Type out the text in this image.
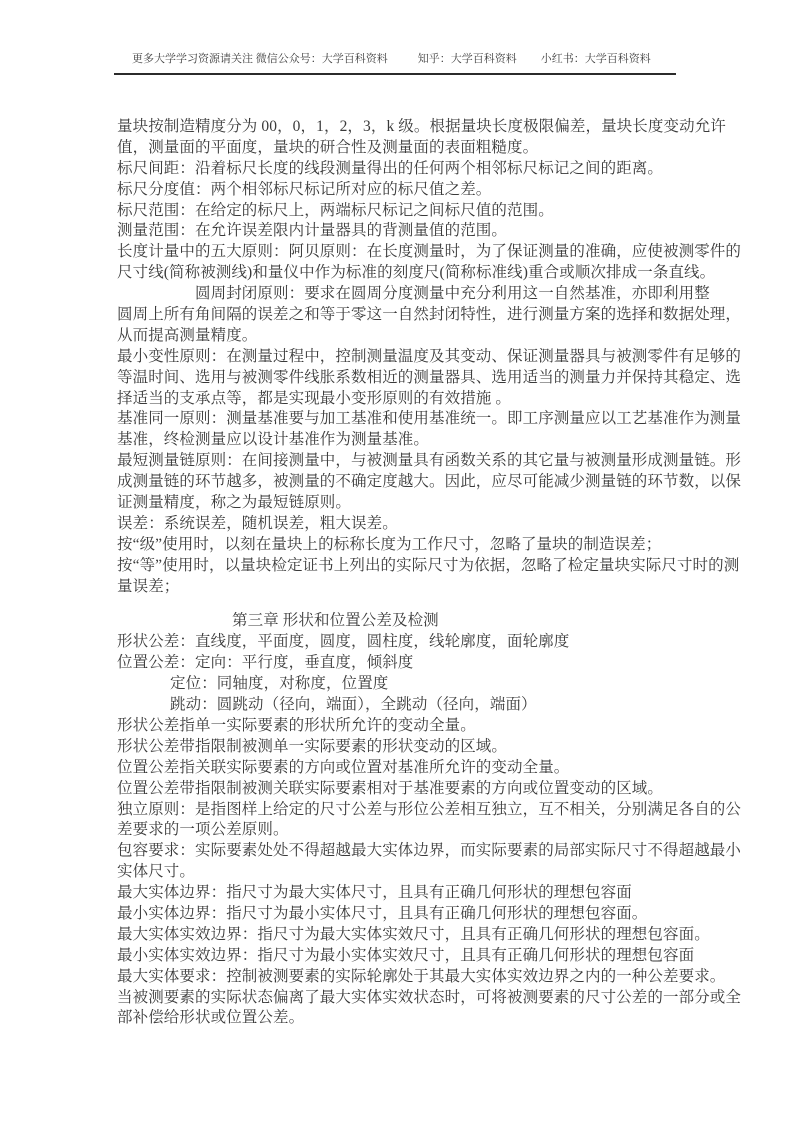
更多大学学习资源请关注 微信公众号：大学百科资料	知乎：大学百科资料 小红书：大学百科资料
量块按制造精度分为 00，0，1，2，3，k 级。根据量块长度极限偏差，量块长度变动允许
值，测量面的平面度，量块的研合性及测量面的表面粗糙度。
标尺间距：沿着标尺长度的线段测量得出的任何两个相邻标尺标记之间的距离。
标尺分度值：两个相邻标尺标记所对应的标尺值之差。
标尺范围：在给定的标尺上，两端标尺标记之间标尺值的范围。
测量范围：在允许误差限内计量器具的背测量值的范围。
长度计量中的五大原则：阿贝原则：在长度测量时，为了保证测量的准确，应使被测零件的
尺寸线(简称被测线)和量仪中作为标准的刻度尺(简称标准线)重合或顺次排成一条直线。
圆周封闭原则：要求在圆周分度测量中充分利用这一自然基准，亦即利用整
圆周上所有角间隔的误差之和等于零这一自然封闭特性，进行测量方案的选择和数据处理，
从而提高测量精度。
最小变性原则：在测量过程中，控制测量温度及其变动、保证测量器具与被测零件有足够的
等温时间、选用与被测零件线胀系数相近的测量器具、选用适当的测量力并保持其稳定、选
择适当的支承点等，都是实现最小变形原则的有效措施 。
基准同一原则：测量基准要与加工基准和使用基准统一。即工序测量应以工艺基准作为测量
基准，终检测量应以设计基准作为测量基准。
最短测量链原则：在间接测量中，与被测量具有函数关系的其它量与被测量形成测量链。形
成测量链的环节越多，被测量的不确定度越大。因此，应尽可能减少测量链的环节数，以保
证测量精度，称之为最短链原则。
误差：系统误差，随机误差，粗大误差。
按“级”使用时，以刻在量块上的标称长度为工作尺寸，忽略了量块的制造误差；
按“等”使用时，以量块检定证书上列出的实际尺寸为依据，忽略了检定量块实际尺寸时的测
量误差；
第三章 形状和位置公差及检测
形状公差：直线度，平面度，圆度，圆柱度，线轮廓度，面轮廓度
位置公差：定向：平行度，垂直度，倾斜度
定位：同轴度，对称度，位置度
跳动：圆跳动（径向，端面），全跳动（径向，端面）
形状公差指单一实际要素的形状所允许的变动全量。
形状公差带指限制被测单一实际要素的形状变动的区域。
位置公差指关联实际要素的方向或位置对基准所允许的变动全量。
位置公差带指限制被测关联实际要素相对于基准要素的方向或位置变动的区域。
独立原则：是指图样上给定的尺寸公差与形位公差相互独立，互不相关，分别满足各自的公
差要求的一项公差原则。
包容要求：实际要素处处不得超越最大实体边界，而实际要素的局部实际尺寸不得超越最小
实体尺寸。
最大实体边界：指尺寸为最大实体尺寸，且具有正确几何形状的理想包容面
最小实体边界：指尺寸为最小实体尺寸，且具有正确几何形状的理想包容面。
最大实体实效边界：指尺寸为最大实体实效尺寸，且具有正确几何形状的理想包容面。
最小实体实效边界：指尺寸为最小实体实效尺寸，且具有正确几何形状的理想包容面
最大实体要求：控制被测要素的实际轮廓处于其最大实体实效边界之内的一种公差要求。
当被测要素的实际状态偏离了最大实体实效状态时，可将被测要素的尺寸公差的一部分或全
部补偿给形状或位置公差。
